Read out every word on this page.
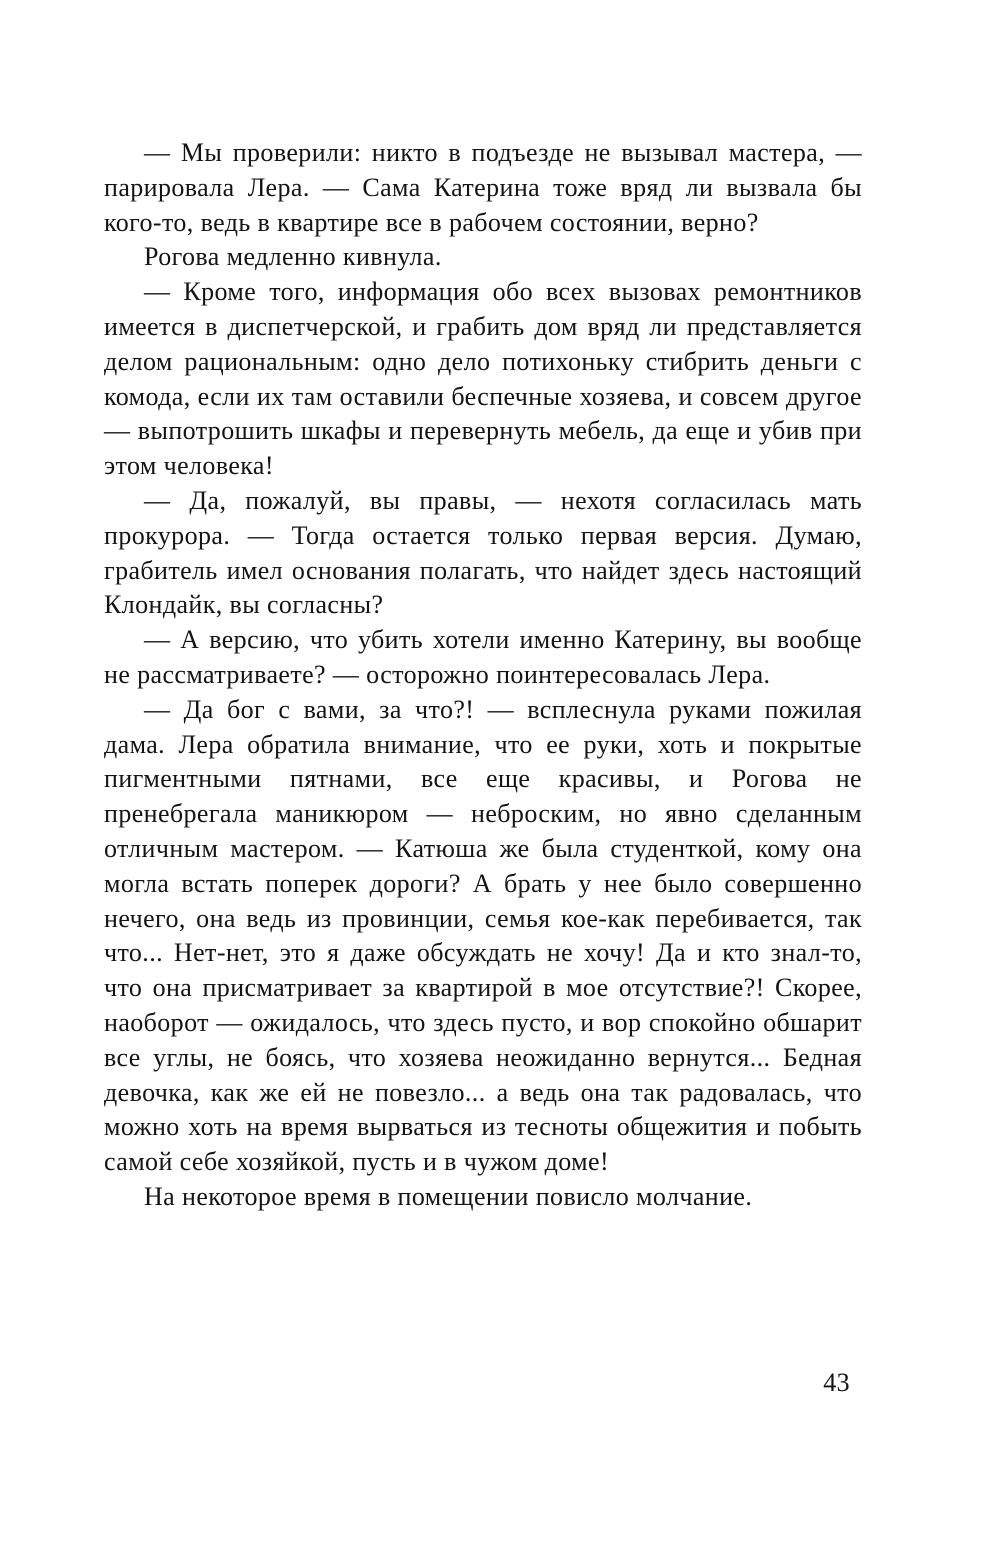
— Мы проверили: никто в подъезде не вызывал мастера, — парировала Лера. — Сама Катерина тоже вряд ли вызвала бы кого-то, ведь в квартире все в рабочем состоянии, верно?

Рогова медленно кивнула.

— Кроме того, информация обо всех вызовах ремонтников имеется в диспетчерской, и грабить дом вряд ли представляется делом рациональным: одно дело потихоньку стибрить деньги с комода, если их там оставили беспечные хозяева, и совсем другое — выпотрошить шкафы и перевернуть мебель, да еще и убив при этом человека!

— Да, пожалуй, вы правы, — нехотя согласилась мать прокурора. — Тогда остается только первая версия. Думаю, грабитель имел основания полагать, что найдет здесь настоящий Клондайк, вы согласны?

— А версию, что убить хотели именно Катерину, вы вообще не рассматриваете? — осторожно поинтересовалась Лера.

— Да бог с вами, за что?! — всплеснула руками пожилая дама. Лера обратила внимание, что ее руки, хоть и покрытые пигментными пятнами, все еще красивы, и Рогова не пренебрегала маникюром — неброским, но явно сделанным отличным мастером. — Катюша же была студенткой, кому она могла встать поперек дороги? А брать у нее было совершенно нечего, она ведь из провинции, семья кое-как перебивается, так что... Нет-нет, это я даже обсуждать не хочу! Да и кто знал-то, что она присматривает за квартирой в мое отсутствие?! Скорее, наоборот — ожидалось, что здесь пусто, и вор спокойно обшарит все углы, не боясь, что хозяева неожиданно вернутся... Бедная девочка, как же ей не повезло... а ведь она так радовалась, что можно хоть на время вырваться из тесноты общежития и побыть самой себе хозяйкой, пусть и в чужом доме!

На некоторое время в помещении повисло молчание.

43
